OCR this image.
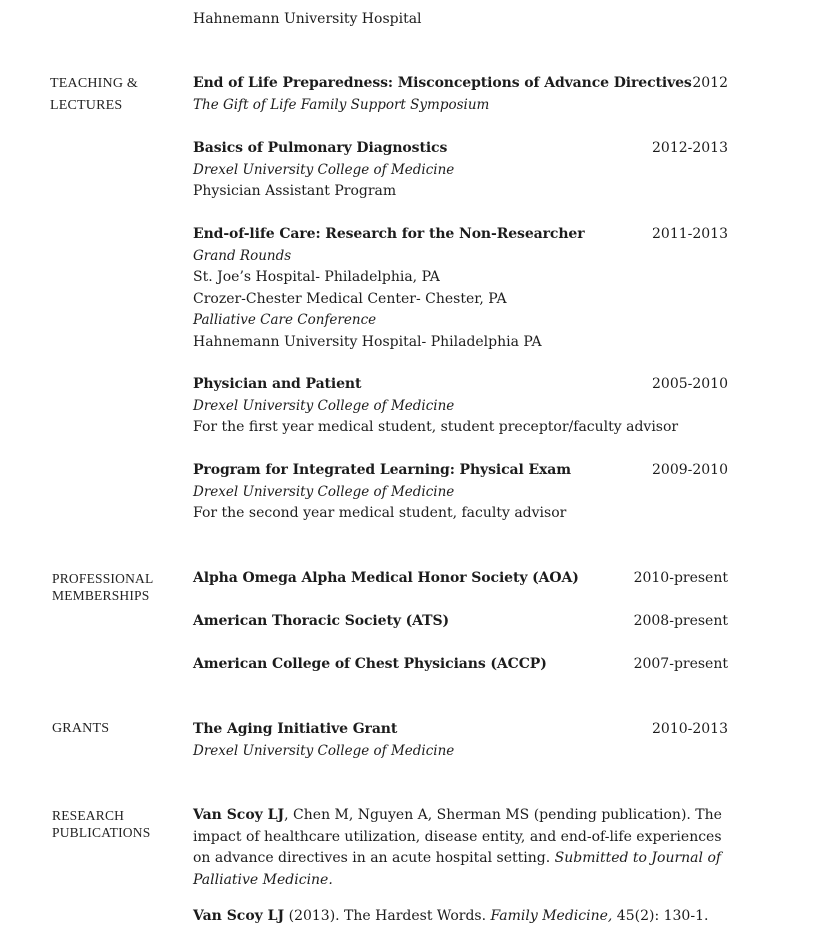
Hahnemann University Hospital
TEACHING &
LECTURES
End of Life Preparedness: Misconceptions of Advance Directives 2012
The Gift of Life Family Support Symposium
Basics of Pulmonary Diagnostics	2012-2013
Drexel University College of Medicine
Physician Assistant Program
End-of-life Care: Research for the Non-Researcher	2011-2013
Grand Rounds
St. Joe’s Hospital- Philadelphia, PA
Crozer-Chester Medical Center- Chester, PA
Palliative Care Conference
Hahnemann University Hospital- Philadelphia PA
Physician and Patient	2005-2010
Drexel University College of Medicine
For the first year medical student, student preceptor/faculty advisor
Program for Integrated Learning: Physical Exam	2009-2010
Drexel University College of Medicine
For the second year medical student, faculty advisor
PROFESSIONAL
MEMBERSHIPS
Alpha Omega Alpha Medical Honor Society (AOA)	2010-present
American Thoracic Society (ATS)	2008-present
American College of Chest Physicians (ACCP)	2007-present
GRANTS	The Aging Initiative Grant	2010-2013
Drexel University College of Medicine
RESEARCH
PUBLICATIONS
Van Scoy LJ, Chen M, Nguyen A, Sherman MS (pending publication). The impact of healthcare utilization, disease entity, and end-of-life experiences on advance directives in an acute hospital setting. Submitted to Journal of Palliative Medicine.
Van Scoy LJ (2013). The Hardest Words. Family Medicine, 45(2): 130-1.
